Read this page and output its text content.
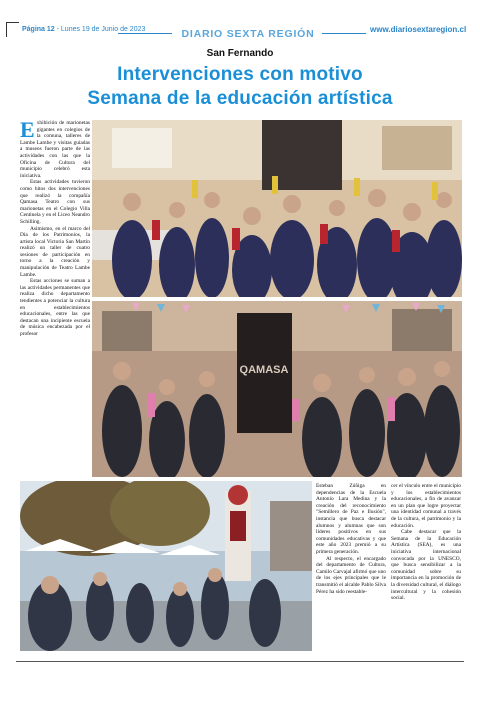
Página 12 - Lunes 19 de Junio de 2023	DIARIO SEXTA REGIÓN	www.diariosextaregion.cl
San Fernando
Intervenciones con motivo
Semana de la educación artística

Exhibición de marionetas gigantes en colegios de la comuna, talleres de Lambe Lambe y visitas guiadas a museos fueron parte de las actividades con las que la Oficina de Cultura del municipio celebró esta iniciativa.

Estas actividades tuvieron como hitos dos intervenciones que realizó la compañía Qamasa Teatro con sus marionetas en el Colegio Villa Centinela y en el Liceo Neandro Schilling.

Asimismo, en el marco del Día de los Patrimonios, la artista local Victoria San Martín realizó un taller de cuatro sesiones de participación en torno a la creación y manipulación de Teatro Lambe Lambe.

Estas acciones se suman a las actividades permanentes que realiza dicho departamento tendientes a potenciar la cultura en establecimientos educacionales, entre las que destacan una incipiente escuela de música encabezada por el profesor

QAMASA

Esteban Zúñiga en dependencias de la Escuela Antonio Lara Medina y la creación del reconocimiento "Semillero de Paz e Ilusión", instancia que busca destacar alumnos y alumnas que son líderes positivos en sus comunidades educativas y que este año 2023 premió a su primera generación.

Al respecto, el encargado del departamento de Cultura, Camilo Carvajal afirmó que uno de los ejes principales que le transmitió el alcalde Pablo Silva Pérez ha sido reestable-

cer el vínculo entre el municipio y los establecimientos educacionales, a fin de avanzar en un plan que logre proyectar una identidad comunal a través de la cultura, el patrimonio y la educación.

Cabe destacar que la Semana de la Educación Artística (SEA), es una iniciativa internacional convocada por la UNESCO, que busca sensibilizar a la comunidad sobre su importancia en la promoción de la diversidad cultural, el diálogo intercultural y la cohesión social.
